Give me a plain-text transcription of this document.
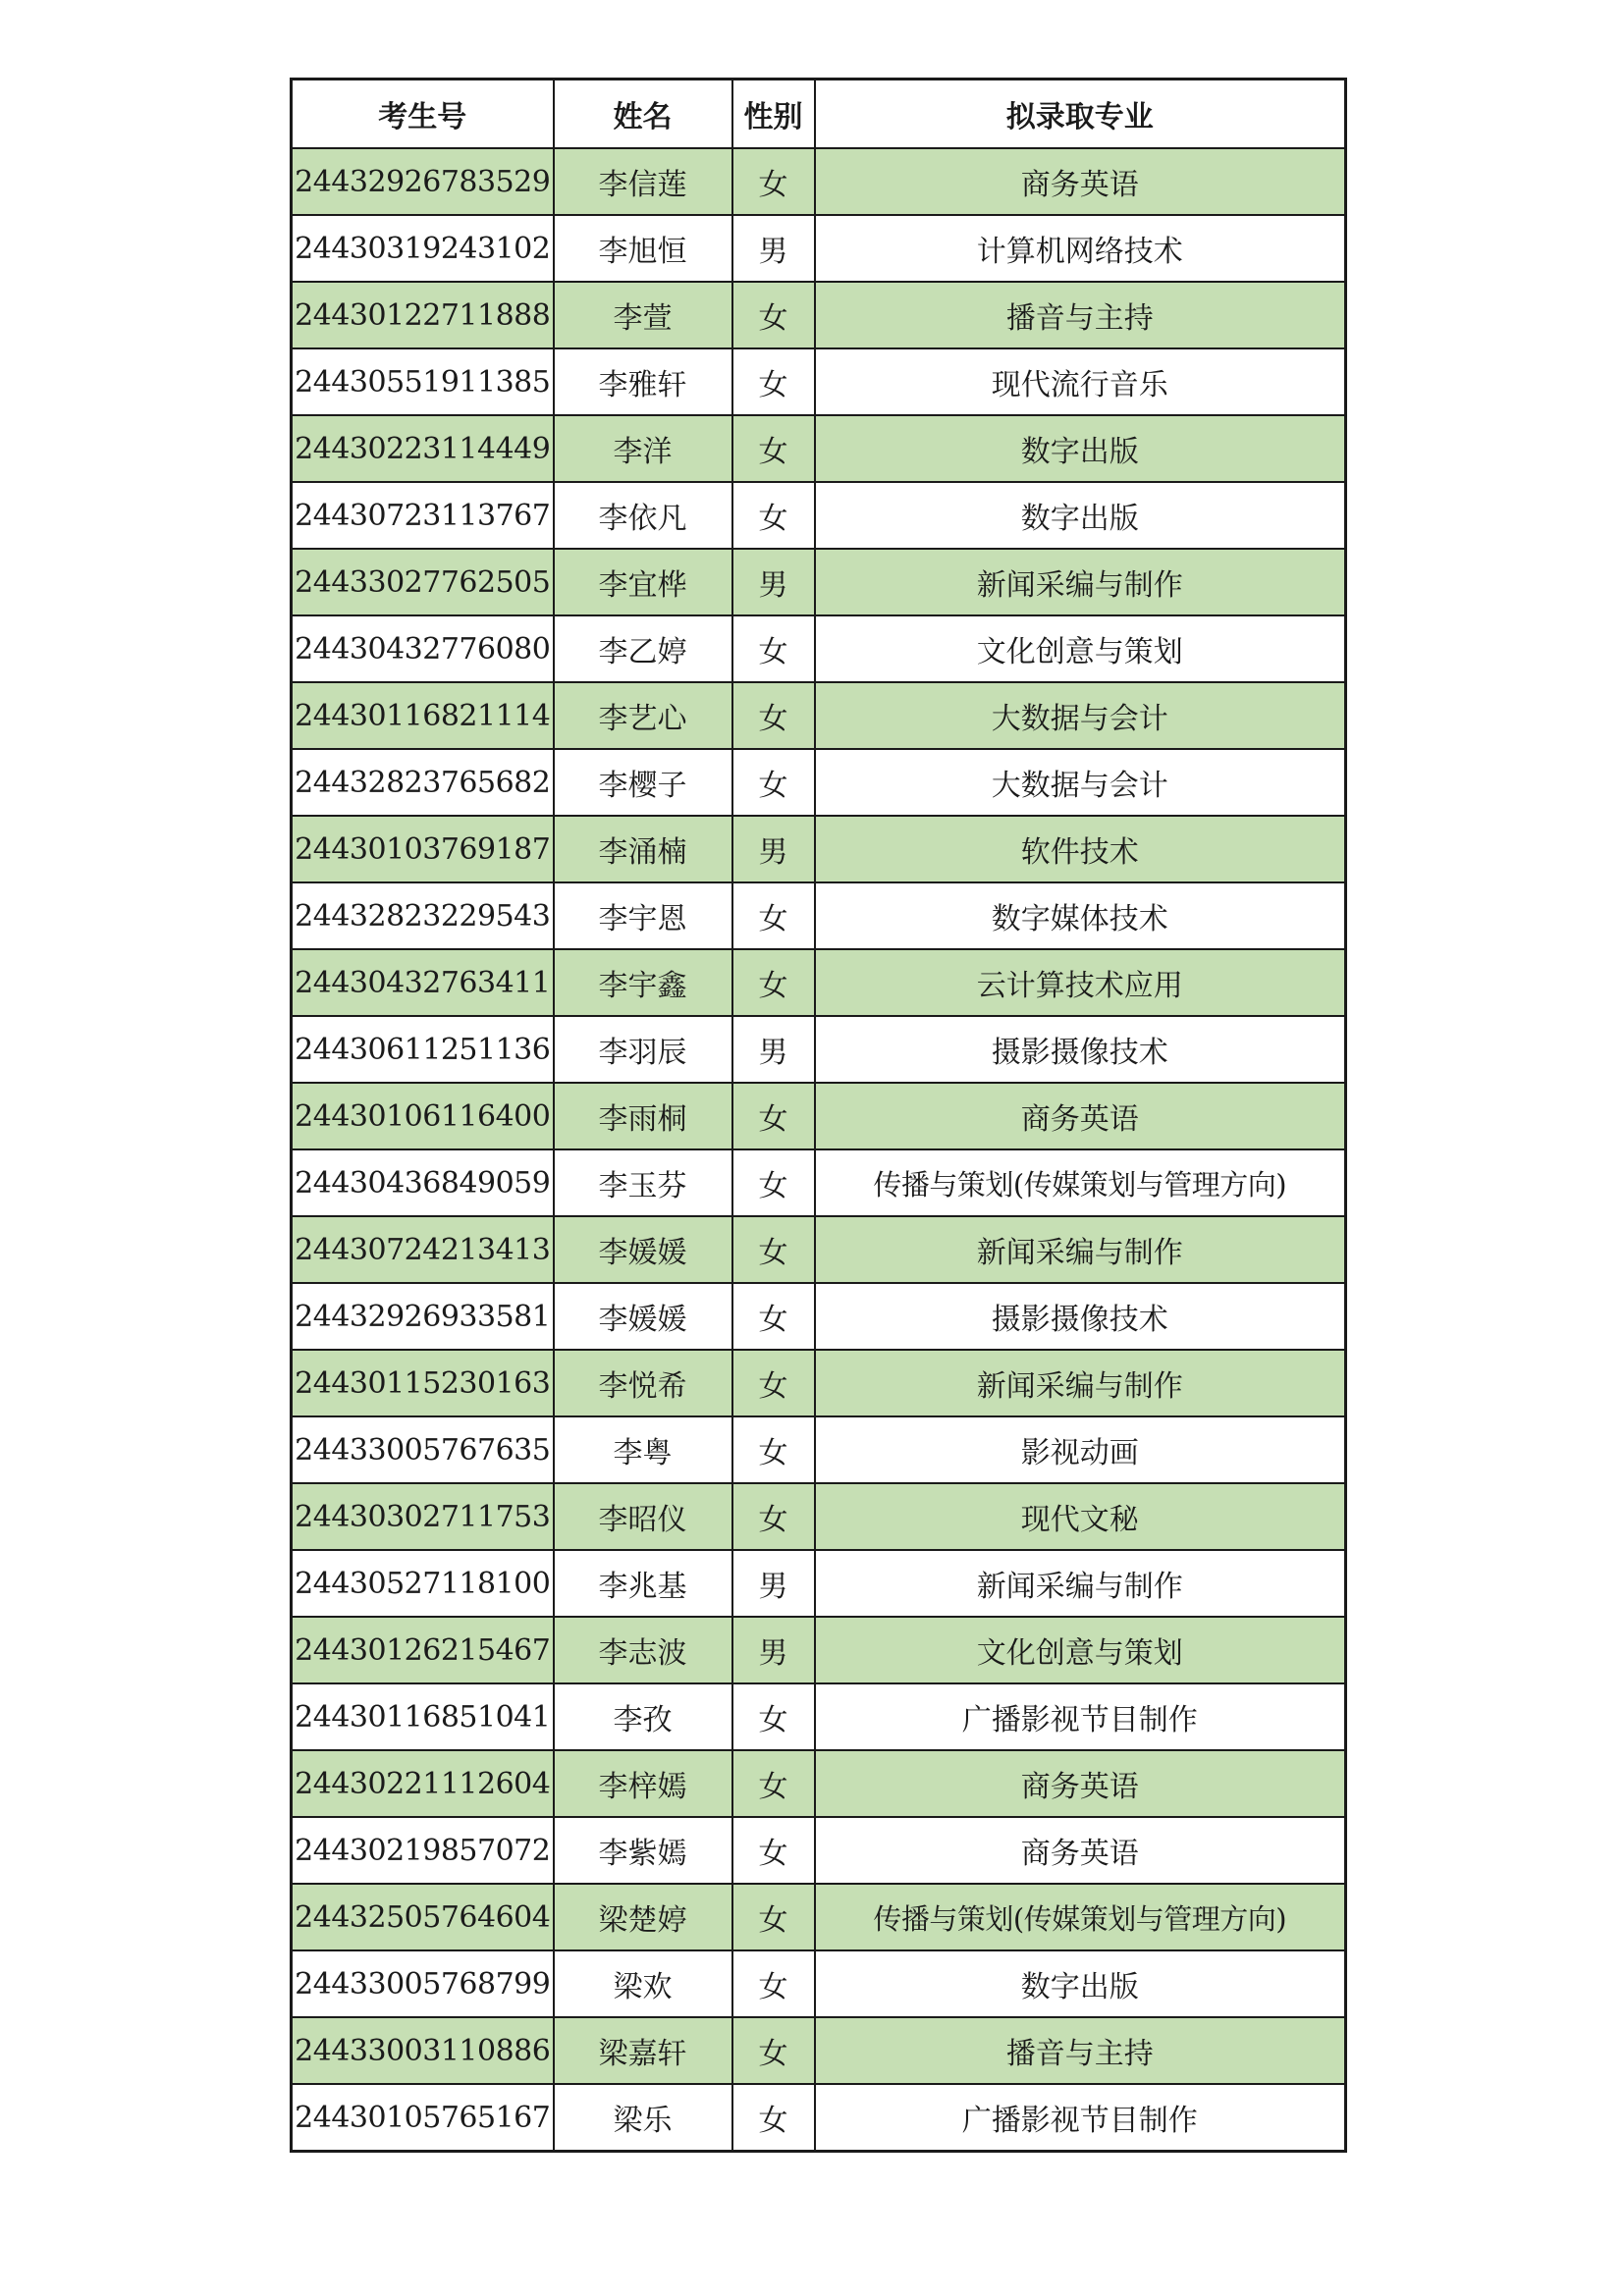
考生号	姓名	性别	拟录取专业
24432926783529	李信莲	女	商务英语
24430319243102	李旭恒	男	计算机网络技术
24430122711888	李萱	女	播音与主持
24430551911385	李雅轩	女	现代流行音乐
24430223114449	李洋	女	数字出版
24430723113767	李依凡	女	数字出版
24433027762505	李宜桦	男	新闻采编与制作
24430432776080	李乙婷	女	文化创意与策划
24430116821114	李艺心	女	大数据与会计
24432823765682	李樱子	女	大数据与会计
24430103769187	李涌楠	男	软件技术
24432823229543	李宇恩	女	数字媒体技术
24430432763411	李宇鑫	女	云计算技术应用
24430611251136	李羽辰	男	摄影摄像技术
24430106116400	李雨桐	女	商务英语
24430436849059	李玉芬	女	传播与策划(传媒策划与管理方向)
24430724213413	李媛媛	女	新闻采编与制作
24432926933581	李媛媛	女	摄影摄像技术
24430115230163	李悦希	女	新闻采编与制作
24433005767635	李粤	女	影视动画
24430302711753	李昭仪	女	现代文秘
24430527118100	李兆基	男	新闻采编与制作
24430126215467	李志波	男	文化创意与策划
24430116851041	李孜	女	广播影视节目制作
24430221112604	李梓嫣	女	商务英语
24430219857072	李紫嫣	女	商务英语
24432505764604	梁楚婷	女	传播与策划(传媒策划与管理方向)
24433005768799	梁欢	女	数字出版
24433003110886	梁嘉轩	女	播音与主持
24430105765167	梁乐	女	广播影视节目制作
